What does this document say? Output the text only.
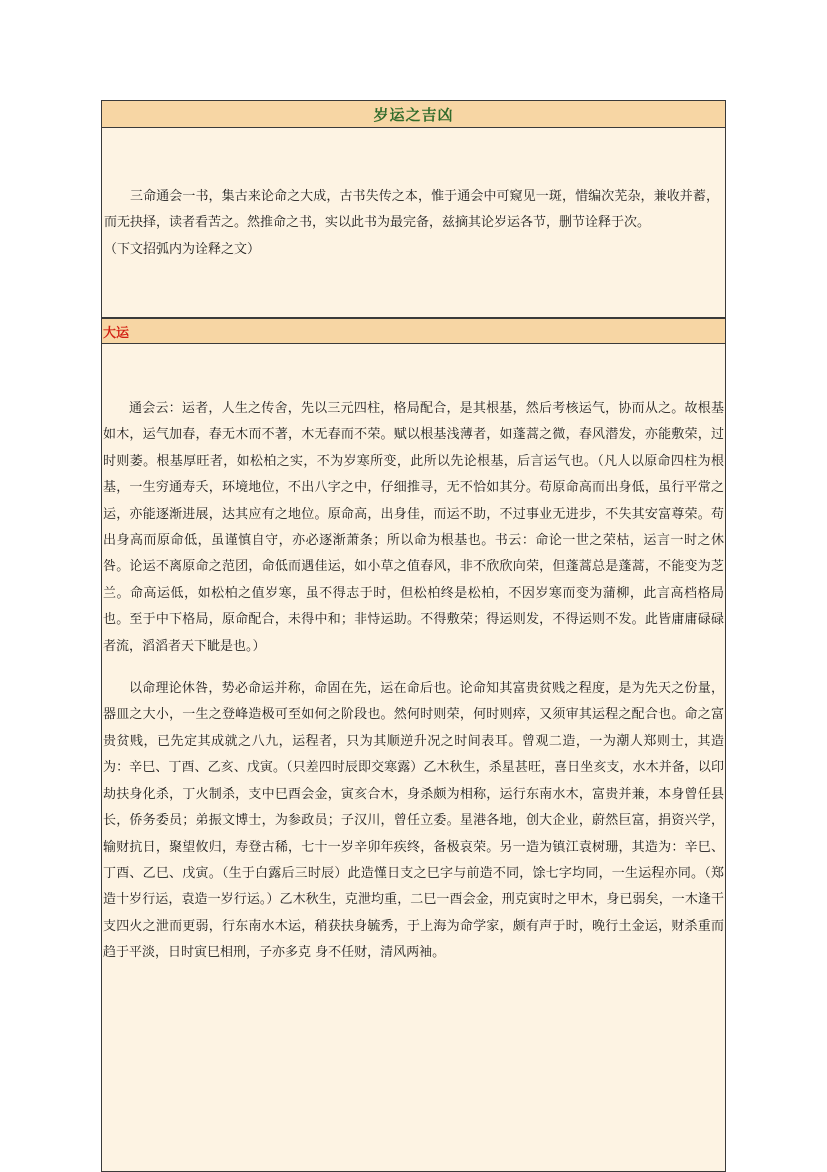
岁运之吉凶

三命通会一书，集古来论命之大成，古书失传之本，惟于通会中可窥见一斑，惜编次芜杂，兼收并蓄，而无抉择，读者看苦之。然推命之书，实以此书为最完备，兹摘其论岁运各节，删节诠释于次。

（下文招弧内为诠释之文）

大运

通会云：运者，人生之传舍，先以三元四柱，格局配合，是其根基，然后考核运气，协而从之。故根基如木，运气加春，春无木而不著，木无春而不荣。赋以根基浅薄者，如蓬蒿之微，春风潜发，亦能敷荣，过时则萎。根基厚旺者，如松柏之实，不为岁寒所变，此所以先论根基，后言运气也。（凡人以原命四柱为根基，一生穷通寿夭，环境地位，不出八字之中，仔细推寻，无不恰如其分。苟原命高而出身低，虽行平常之运，亦能逐渐进展，达其应有之地位。原命高，出身佳，而运不助，不过事业无进步，不失其安富尊荣。苟出身高而原命低，虽谨慎自守，亦必逐渐萧条；所以命为根基也。书云：命论一世之荣枯，运言一时之休咎。论运不离原命之范团，命低而遇佳运，如小草之值春风，非不欣欣向荣，但蓬蒿总是蓬蒿，不能变为芝兰。命高运低，如松柏之值岁寒，虽不得志于时，但松柏终是松柏，不因岁寒而变为蒲柳，此言高档格局也。至于中下格局，原命配合，未得中和；非恃运助。不得敷荣；得运则发，不得运则不发。此皆庸庸碌碌者流，滔滔者天下眦是也。）

以命理论休咎，势必命运并称，命固在先，运在命后也。论命知其富贵贫贱之程度，是为先天之份量，器皿之大小，一生之登峰造极可至如何之阶段也。然何时则荣，何时则瘁，又须审其运程之配合也。命之富贵贫贱，已先定其成就之八九，运程者，只为其顺逆升况之时间表耳。曾观二造，一为潮人郑则士，其造为：辛巳、丁酉、乙亥、戊寅。（只差四时辰即交寒露）乙木秋生，杀星甚旺，喜日坐亥支，水木并备，以印劫扶身化杀，丁火制杀，支中巳酉会金，寅亥合木，身杀颇为相称，运行东南水木，富贵并兼，本身曾任县长，侨务委员；弟振文博士，为参政员；子汉川，曾任立委。星港各地，创大企业，蔚然巨富，捐资兴学，输财抗日，聚望攸归，寿登古稀，七十一岁辛卯年疾终，备极哀荣。另一造为镇江袁树珊，其造为：辛巳、丁酉、乙巳、戊寅。（生于白露后三时辰）此造慬日支之巳字与前造不同，馀七字均同，一生运程亦同。（郑造十岁行运，袁造一岁行运。）乙木秋生，克泄均重，二巳一酉会金，刑克寅时之甲木，身已弱矣，一木逢干支四火之泄而更弱，行东南水木运，稍获扶身毓秀，于上海为命学家，颇有声于时，晚行土金运，财杀重而趋于平淡，日时寅巳相刑，子亦多克 身不任财，清风两袖。
